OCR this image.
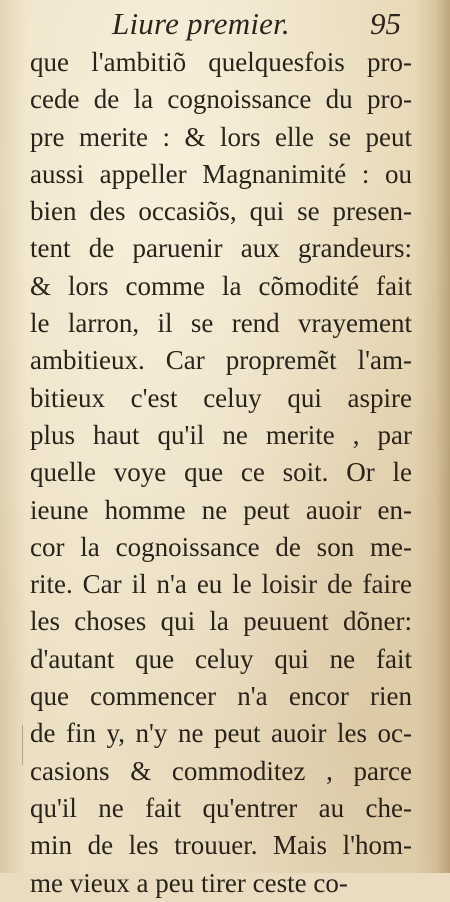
Liure premier.	95
que l'ambitiõ quelquesfois pro-
cede de la cognoissance du pro-
pre merite : & lors elle se peut
aussi appeller Magnanimité : ou
bien des occasiõs, qui se presen-
tent de paruenir aux grandeurs:
& lors comme la cõmodité fait
le larron, il se rend vrayement
ambitieux. Car propremẽt l'am-
bitieux c'est celuy qui aspire
plus haut qu'il ne merite , par
quelle voye que ce soit. Or le
ieune homme ne peut auoir en-
cor la cognoissance de son me-
rite. Car il n'a eu le loisir de faire
les choses qui la peuuent dõner:
d'autant que celuy qui ne fait
que commencer n'a encor rien
de fin y, n'y ne peut auoir les oc-
casions & commoditez , parce
qu'il ne fait qu'entrer au che-
min de les trouuer. Mais l'hom-
me vieux a peu tirer ceste co-
